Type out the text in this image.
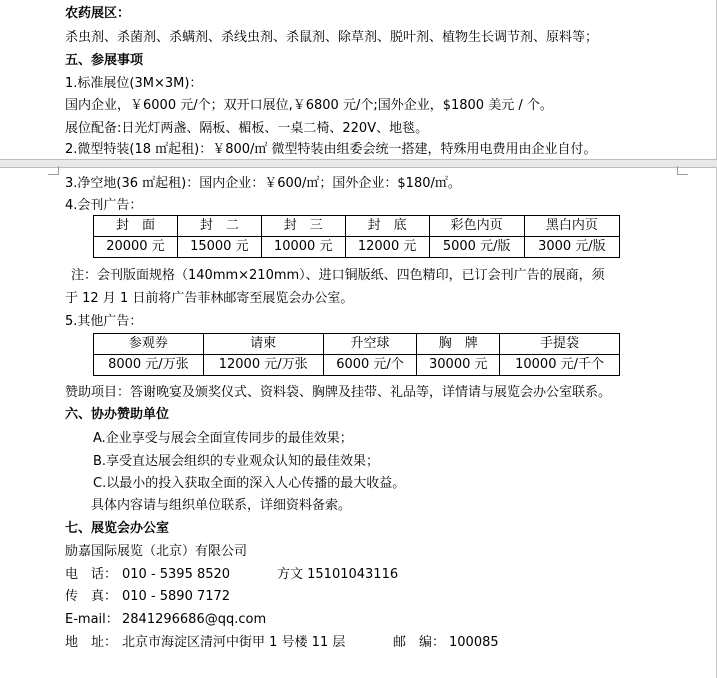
农药展区：
杀虫剂、杀菌剂、杀螨剂、杀线虫剂、杀鼠剂、除草剂、脱叶剂、植物生长调节剂、原料等；
五、参展事项
1.标准展位(3M×3M)：
国内企业，￥6000 元/个；双开口展位,￥6800 元/个;国外企业，$1800 美元 / 个。
展位配备:日光灯两盏、隔板、楣板、一桌二椅、220V、地毯。
2.微型特装(18 ㎡起租)：￥800/㎡ 微型特装由组委会统一搭建，特殊用电费用由企业自付。
3.净空地(36 ㎡起租)：国内企业：￥600/㎡；国外企业：$180/㎡。
4.会刊广告：
封　面	封　二	封　三	封　底	彩色内页	黑白内页
20000 元	15000 元	10000 元	12000 元	5000 元/版	3000 元/版
注：会刊版面规格（140mm×210mm）、进口铜版纸、四色精印，已订会刊广告的展商，须
于 12 月 1 日前将广告菲林邮寄至展览会办公室。
5.其他广告：
参观券	请柬	升空球	胸　牌	手提袋
8000 元/万张	12000 元/万张	6000 元/个	30000 元	10000 元/千个
赞助项目：答谢晚宴及颁奖仪式、资料袋、胸牌及挂带、礼品等，详情请与展览会办公室联系。
六、协办赞助单位
A.企业享受与展会全面宣传同步的最佳效果；
B.享受直达展会组织的专业观众认知的最佳效果；
C.以最小的投入获取全面的深入人心传播的最大收益。
具体内容请与组织单位联系，详细资料备索。
七、展览会办公室
励嘉国际展览（北京）有限公司
电　话： 010 - 5395 8520	方文 15101043116
传　真： 010 - 5890 7172
E-mail： 2841296686@qq.com
地　址： 北京市海淀区清河中街甲 1 号楼 11 层	邮　编： 100085
